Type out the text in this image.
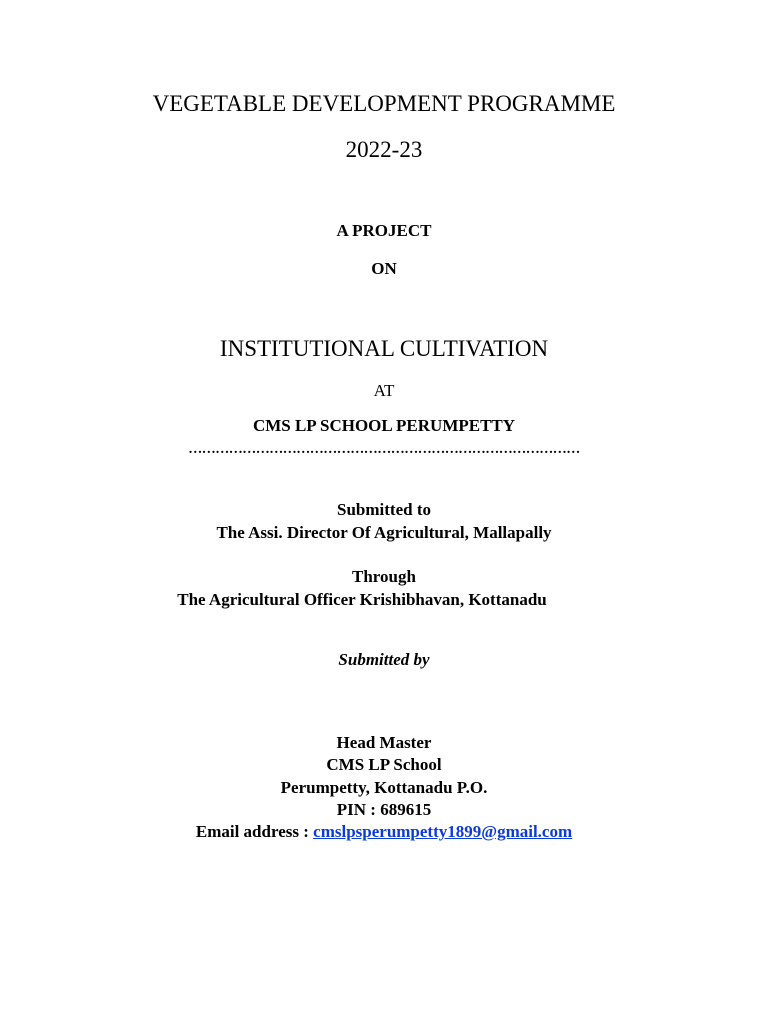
VEGETABLE DEVELOPMENT PROGRAMME
2022-23
A PROJECT
ON
INSTITUTIONAL CULTIVATION
AT
CMS LP SCHOOL PERUMPETTY
……………………………………………………………………………
Submitted to
The Assi. Director Of Agricultural, Mallapally
Through
The Agricultural Officer Krishibhavan, Kottanadu
Submitted by
Head Master
CMS LP School
Perumpetty, Kottanadu P.O.
PIN : 689615
Email address : cmslpsperumpetty1899@gmail.com
